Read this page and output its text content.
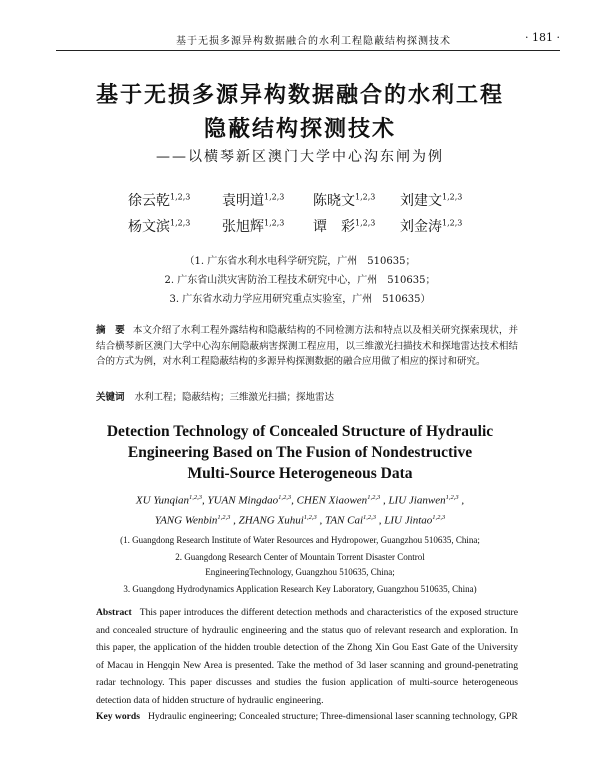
基于无损多源异构数据融合的水利工程隐蔽结构探测技术	· 181 ·
基于无损多源异构数据融合的水利工程
隐蔽结构探测技术
——以横琴新区澳门大学中心沟东闸为例
徐云乾$^{1,2,3}$ 袁明道$^{1,2,3}$ 陈晓文$^{1,2,3}$ 刘建文$^{1,2,3}$
杨文滨$^{1,2,3}$ 张旭辉$^{1,2,3}$ 谭　彩$^{1,2,3}$ 刘金涛$^{1,2,3}$
（1. 广东省水利水电科学研究院，广州　510635；
2. 广东省山洪灾害防治工程技术研究中心，广州　510635；
3. 广东省水动力学应用研究重点实验室，广州　510635）
摘　要 本文介绍了水利工程外露结构和隐蔽结构的不同检测方法和特点以及相关研究探索现状，并结合横琴新区澳门大学中心沟东闸隐蔽病害探测工程应用，以三维激光扫描技术和探地雷达技术相结合的方式为例，对水利工程隐蔽结构的多源异构探测数据的融合应用做了相应的探讨和研究。
关键词 水利工程；隐蔽结构；三维激光扫描；探地雷达
Detection Technology of Concealed Structure of Hydraulic
Engineering Based on The Fusion of Nondestructive
Multi-Source Heterogeneous Data
XU Yunqian$^{1,2,3}$, YUAN Mingdao$^{1,2,3}$, CHEN Xiaowen$^{1,2,3}$ , LIU Jianwen$^{1,2,3}$ ,
YANG Wenbin$^{1,2,3}$ , ZHANG Xuhui$^{1,2,3}$ , TAN Cai$^{1,2,3}$ , LIU Jintao$^{1,2,3}$
(1. Guangdong Research Institute of Water Resources and Hydropower, Guangzhou 510635, China;
2. Guangdong Research Center of Mountain Torrent Disaster Control
EngineeringTechnology, Guangzhou 510635, China;
3. Guangdong Hydrodynamics Application Research Key Laboratory, Guangzhou 510635, China)
Abstract This paper introduces the different detection methods and characteristics of the exposed structure and concealed structure of hydraulic engineering and the status quo of relevant research and exploration. In this paper, the application of the hidden trouble detection of the Zhong Xin Gou East Gate of the University of Macau in Hengqin New Area is presented. Take the method of 3d laser scanning and ground-penetrating radar technology. This paper discusses and studies the fusion application of multi-source heterogeneous detection data of hidden structure of hydraulic engineering.
Key words Hydraulic engineering; Concealed structure; Three-dimensional laser scanning technology, GPR
